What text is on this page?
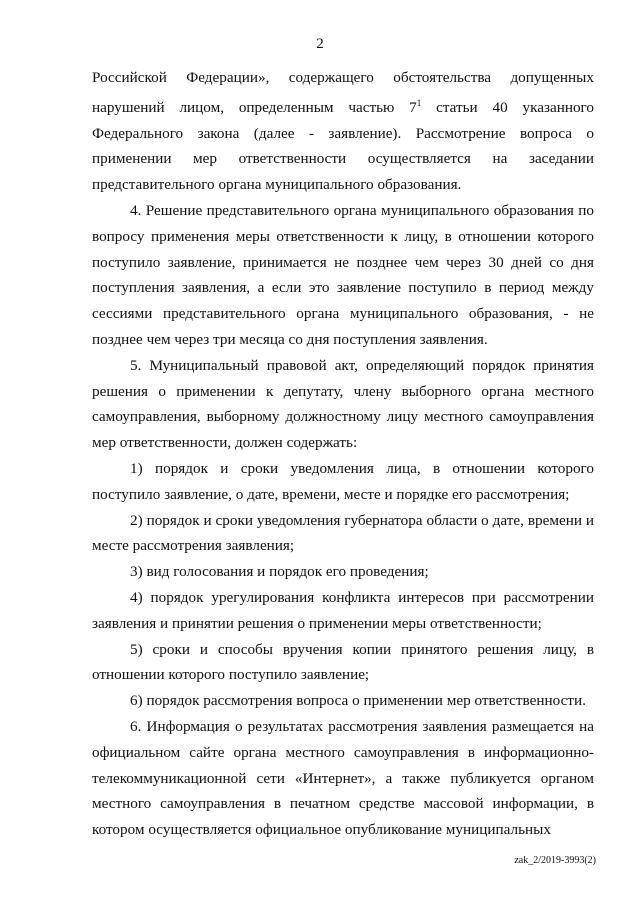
2

Российской Федерации», содержащего обстоятельства допущенных нарушений лицом, определенным частью $7^1$ статьи 40 указанного Федерального закона (далее - заявление). Рассмотрение вопроса о применении мер ответственности осуществляется на заседании представительного органа муниципального образования.

4. Решение представительного органа муниципального образования по вопросу применения меры ответственности к лицу, в отношении которого поступило заявление, принимается не позднее чем через 30 дней со дня поступления заявления, а если это заявление поступило в период между сессиями представительного органа муниципального образования, - не позднее чем через три месяца со дня поступления заявления.

5. Муниципальный правовой акт, определяющий порядок принятия решения о применении к депутату, члену выборного органа местного самоуправления, выборному должностному лицу местного самоуправления мер ответственности, должен содержать:

1) порядок и сроки уведомления лица, в отношении которого поступило заявление, о дате, времени, месте и порядке его рассмотрения;

2) порядок и сроки уведомления губернатора области о дате, времени и месте рассмотрения заявления;

3) вид голосования и порядок его проведения;

4) порядок урегулирования конфликта интересов при рассмотрении заявления и принятии решения о применении меры ответственности;

5) сроки и способы вручения копии принятого решения лицу, в отношении которого поступило заявление;

6) порядок рассмотрения вопроса о применении мер ответственности.

6. Информация о результатах рассмотрения заявления размещается на официальном сайте органа местного самоуправления в информационно-телекоммуникационной сети «Интернет», а также публикуется органом местного самоуправления в печатном средстве массовой информации, в котором осуществляется официальное опубликование муниципальных

zak_2/2019-3993(2)
